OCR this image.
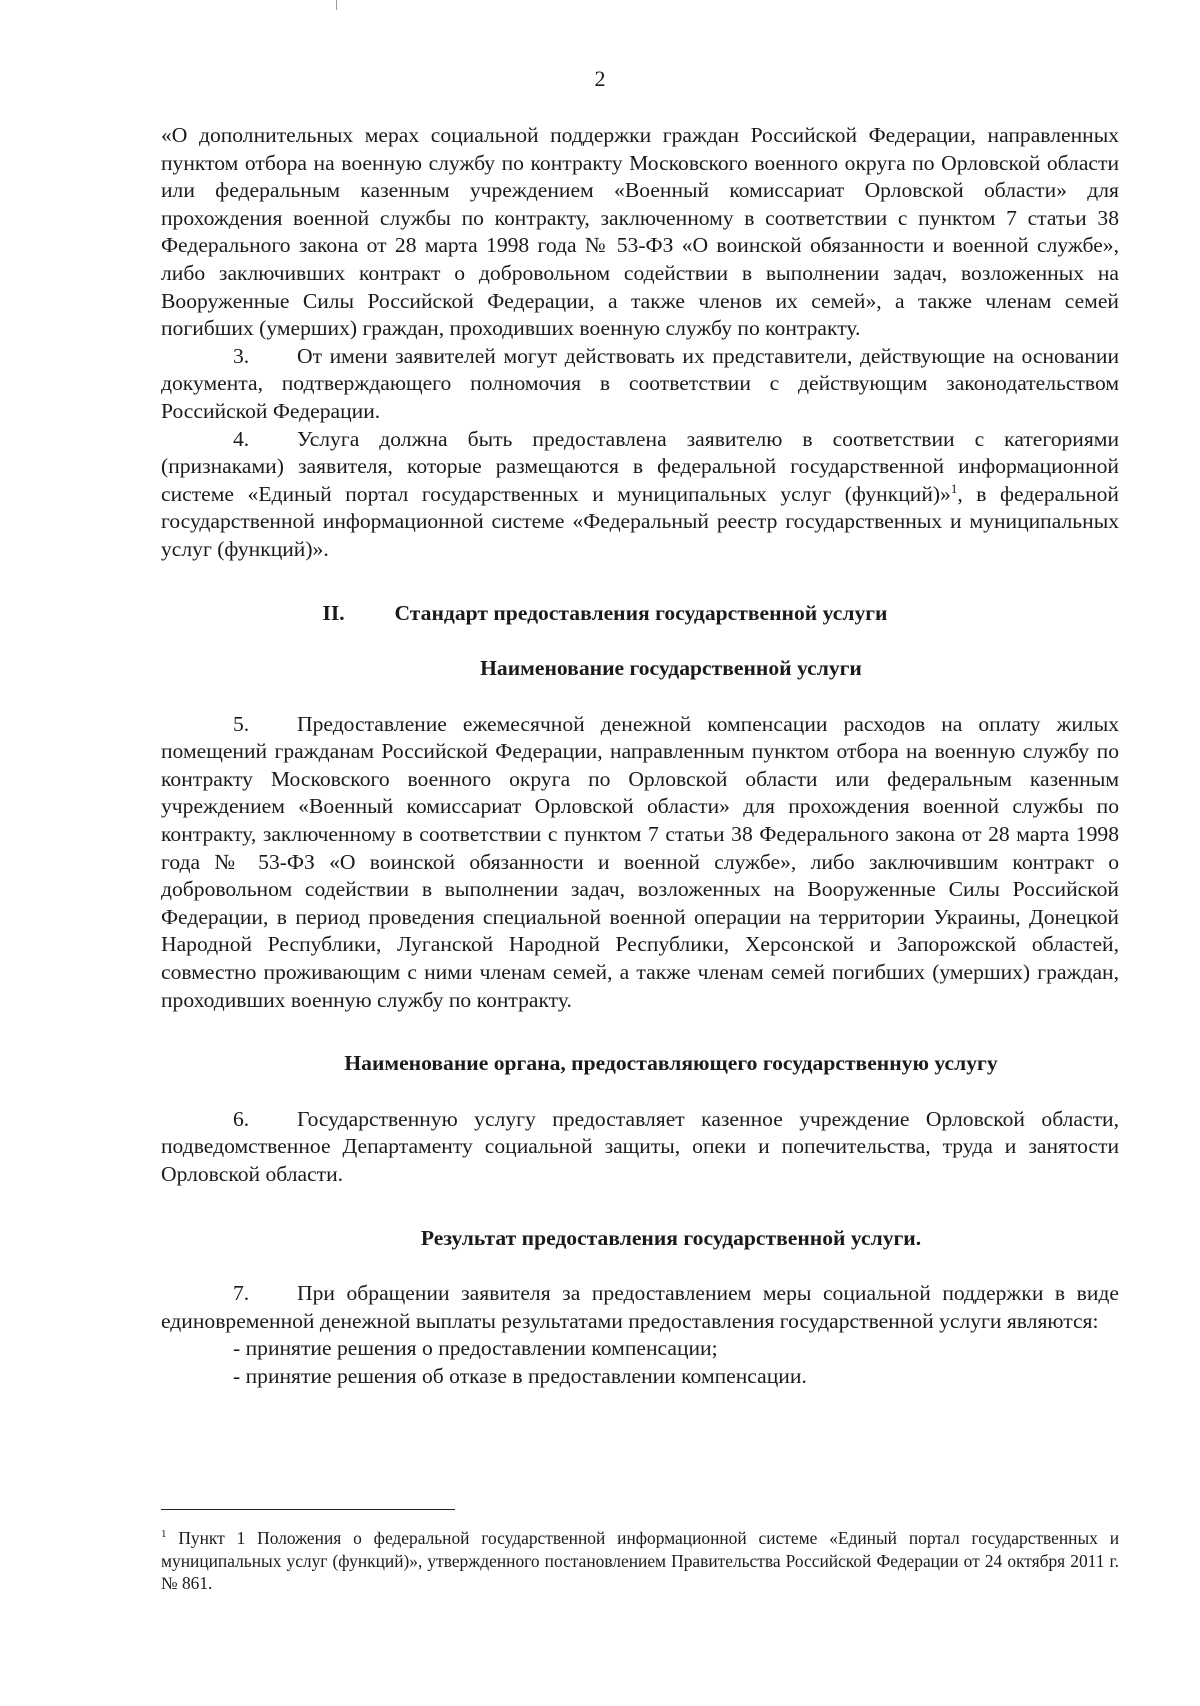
2

«О дополнительных мерах социальной поддержки граждан Российской Федерации, направленных пунктом отбора на военную службу по контракту Московского военного округа по Орловской области или федеральным казенным учреждением «Военный комиссариат Орловской области» для прохождения военной службы по контракту, заключенному в соответствии с пунктом 7 статьи 38 Федерального закона от 28 марта 1998 года № 53-ФЗ «О воинской обязанности и военной службе», либо заключивших контракт о добровольном содействии в выполнении задач, возложенных на Вооруженные Силы Российской Федерации, а также членов их семей», а также членам семей погибших (умерших) граждан, проходивших военную службу по контракту.

3. От имени заявителей могут действовать их представители, действующие на основании документа, подтверждающего полномочия в соответствии с действующим законодательством Российской Федерации.

4. Услуга должна быть предоставлена заявителю в соответствии с категориями (признаками) заявителя, которые размещаются в федеральной государственной информационной системе «Единый портал государственных и муниципальных услуг (функций)»$^1$, в федеральной государственной информационной системе «Федеральный реестр государственных и муниципальных услуг (функций)».

II. Стандарт предоставления государственной услуги

Наименование государственной услуги

5. Предоставление ежемесячной денежной компенсации расходов на оплату жилых помещений гражданам Российской Федерации, направленным пунктом отбора на военную службу по контракту Московского военного округа по Орловской области или федеральным казенным учреждением «Военный комиссариат Орловской области» для прохождения военной службы по контракту, заключенному в соответствии с пунктом 7 статьи 38 Федерального закона от 28 марта 1998 года № 53-ФЗ «О воинской обязанности и военной службе», либо заключившим контракт о добровольном содействии в выполнении задач, возложенных на Вооруженные Силы Российской Федерации, в период проведения специальной военной операции на территории Украины, Донецкой Народной Республики, Луганской Народной Республики, Херсонской и Запорожской областей, совместно проживающим с ними членам семей, а также членам семей погибших (умерших) граждан, проходивших военную службу по контракту.

Наименование органа, предоставляющего государственную услугу

6. Государственную услугу предоставляет казенное учреждение Орловской области, подведомственное Департаменту социальной защиты, опеки и попечительства, труда и занятости Орловской области.

Результат предоставления государственной услуги.

7. При обращении заявителя за предоставлением меры социальной поддержки в виде единовременной денежной выплаты результатами предоставления государственной услуги являются:

- принятие решения о предоставлении компенсации;

- принятие решения об отказе в предоставлении компенсации.

$^1$ Пункт 1 Положения о федеральной государственной информационной системе «Единый портал государственных и муниципальных услуг (функций)», утвержденного постановлением Правительства Российской Федерации от 24 октября 2011 г. № 861.
